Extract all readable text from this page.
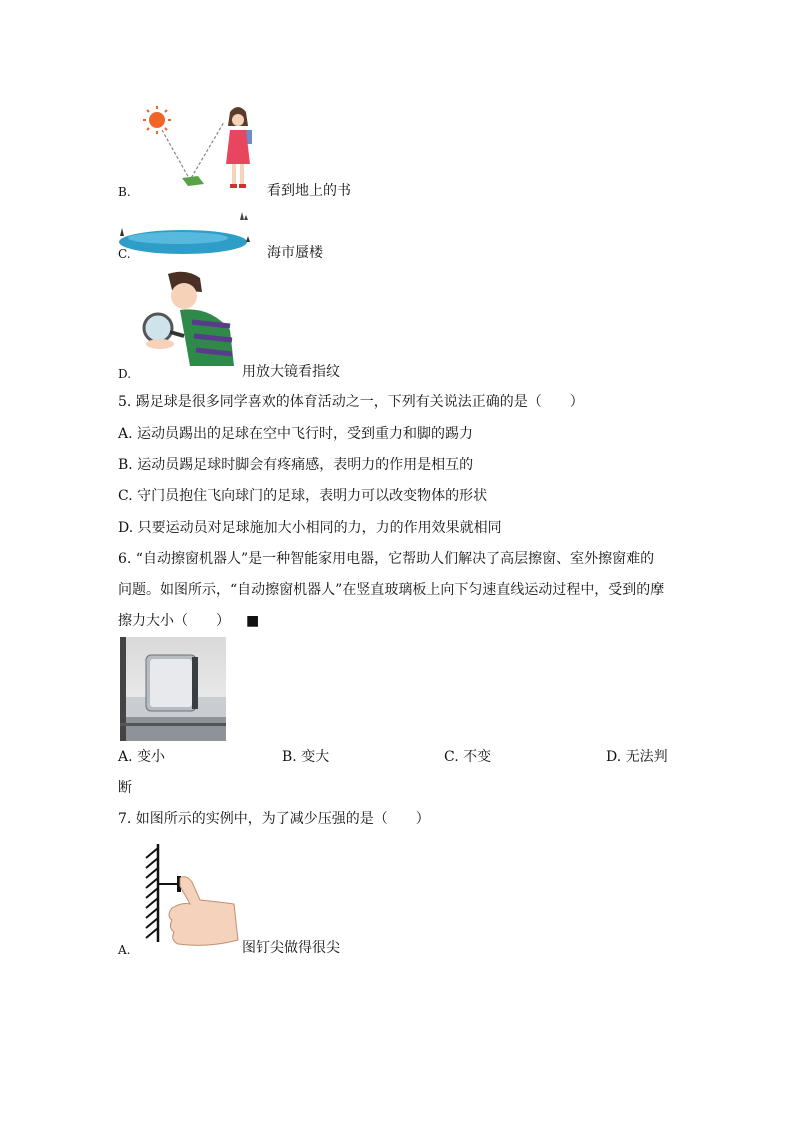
B.	看到地上的书
C.	海市蜃楼
D.	用放大镜看指纹
5. 踢足球是很多同学喜欢的体育活动之一，下列有关说法正确的是（　　）
A. 运动员踢出的足球在空中飞行时，受到重力和脚的踢力
B. 运动员踢足球时脚会有疼痛感，表明力的作用是相互的
C. 守门员抱住飞向球门的足球，表明力可以改变物体的形状
D. 只要运动员对足球施加大小相同的力，力的作用效果就相同
6. “自动擦窗机器人”是一种智能家用电器，它帮助人们解决了高层擦窗、室外擦窗难的
问题。如图所示，“自动擦窗机器人”在竖直玻璃板上向下匀速直线运动过程中，受到的摩
擦力大小（　　） ■
A. 变小	B. 变大	C. 不变	D. 无法判
断
7. 如图所示的实例中，为了减少压强的是（　　）
A.	图钉尖做得很尖
